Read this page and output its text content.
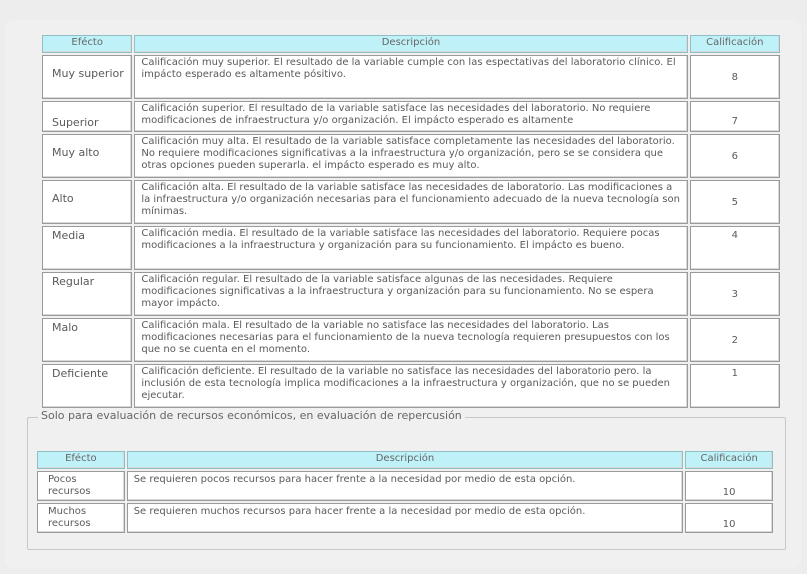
Efécto	Descripción	Calificación
Muy superior	Calificación muy superior. El resultado de la variable cumple con las espectativas del laboratorio clínico. El impácto esperado es altamente pósitivo.	8
Superior	Calificación superior. El resultado de la variable satisface las necesidades del laboratorio. No requiere modificaciones de infraestructura y/o organización. El impácto esperado es altamente	7
Muy alto	Calificación muy alta. El resultado de la variable satisface completamente las necesidades del laboratorio. No requiere modificaciones significativas a la infraestructura y/o organización, pero se se considera que otras opciones pueden superarla. el impácto esperado es muy alto.	6
Alto	Calificación alta. El resultado de la variable satisface las necesidades de laboratorio. Las modificaciones a la infraestructura y/o organización necesarias para el funcionamiento adecuado de la nueva tecnología son mínimas.	5
Media	Calificación media. El resultado de la variable satisface las necesidades del laboratorio. Requiere pocas modificaciones a la infraestructura y organización para su funcionamiento. El impácto es bueno.	4
Regular	Calificación regular. El resultado de la variable satisface algunas de las necesidades. Requiere modificaciones significativas a la infraestructura y organización para su funcionamiento. No se espera mayor impácto.	3
Malo	Calificación mala. El resultado de la variable no satisface las necesidades del laboratorio. Las modificaciones necesarias para el funcionamiento de la nueva tecnología requieren presupuestos con los que no se cuenta en el momento.	2
Deficiente	Calificación deficiente. El resultado de la variable no satisface las necesidades del laboratorio pero. la inclusión de esta tecnología implica modificaciones a la infraestructura y organización, que no se pueden ejecutar.	1
Solo para evaluación de recursos económicos, en evaluación de repercusión
Efécto	Descripción	Calificación
Pocos recursos	Se requieren pocos recursos para hacer frente a la necesidad por medio de esta opción.	10
Muchos recursos	Se requieren muchos recursos para hacer frente a la necesidad por medio de esta opción.	10
